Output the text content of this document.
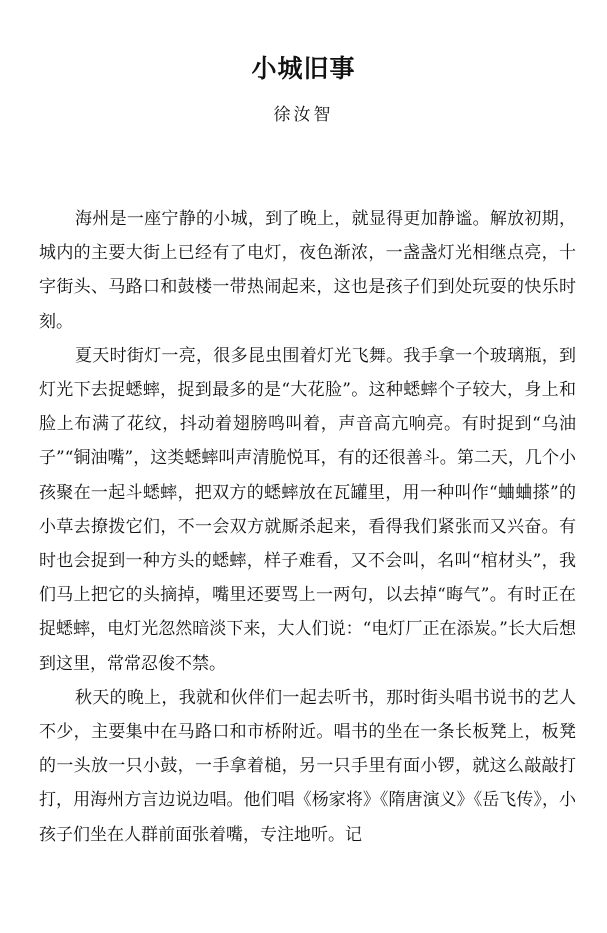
小城旧事
徐汝智

海州是一座宁静的小城，到了晚上，就显得更加静谧。解放初期，城内的主要大街上已经有了电灯，夜色渐浓，一盏盏灯光相继点亮，十字街头、马路口和鼓楼一带热闹起来，这也是孩子们到处玩耍的快乐时刻。

夏天时街灯一亮，很多昆虫围着灯光飞舞。我手拿一个玻璃瓶，到灯光下去捉蟋蟀，捉到最多的是“大花脸”。这种蟋蟀个子较大，身上和脸上布满了花纹，抖动着翅膀鸣叫着，声音高亢响亮。有时捉到“乌油子”“铜油嘴”，这类蟋蟀叫声清脆悦耳，有的还很善斗。第二天，几个小孩聚在一起斗蟋蟀，把双方的蟋蟀放在瓦罐里，用一种叫作“蛐蛐搽”的小草去撩拨它们，不一会双方就厮杀起来，看得我们紧张而又兴奋。有时也会捉到一种方头的蟋蟀，样子难看，又不会叫，名叫“棺材头”，我们马上把它的头摘掉，嘴里还要骂上一两句，以去掉“晦气”。有时正在捉蟋蟀，电灯光忽然暗淡下来，大人们说：“电灯厂正在添炭。”长大后想到这里，常常忍俊不禁。

秋天的晚上，我就和伙伴们一起去听书，那时街头唱书说书的艺人不少，主要集中在马路口和市桥附近。唱书的坐在一条长板凳上，板凳的一头放一只小鼓，一手拿着槌，另一只手里有面小锣，就这么敲敲打打，用海州方言边说边唱。他们唱《杨家将》《隋唐演义》《岳飞传》，小孩子们坐在人群前面张着嘴，专注地听。记
